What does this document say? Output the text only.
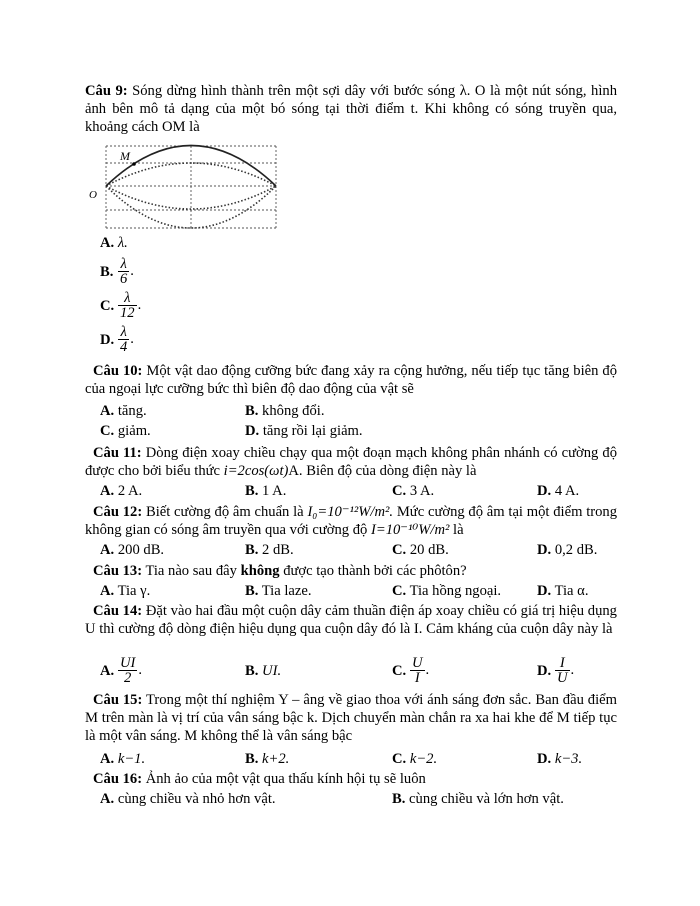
Câu 9: Sóng dừng hình thành trên một sợi dây với bước sóng λ. O là một nút sóng, hình ảnh bên mô tả dạng của một bó sóng tại thời điểm t. Khi không có sóng truyền qua, khoảng cách OM là
M
O
A. λ.
B. $\frac{\lambda}{6}$ .
C. $\frac{\lambda}{12}$ .
D. $\frac{\lambda}{4}$ .
Câu 10: Một vật dao động cưỡng bức đang xảy ra cộng hưởng, nếu tiếp tục tăng biên độ của ngoại lực cưỡng bức thì biên độ dao động của vật sẽ
A. tăng.	B. không đổi.
C. giảm.	D. tăng rồi lại giảm.
Câu 11: Dòng điện xoay chiều chạy qua một đoạn mạch không phân nhánh có cường độ được cho bởi biểu thức i=2cos(ωt)A. Biên độ của dòng điện này là
A. 2 A.	B. 1 A.	C. 3 A.	D. 4 A.
Câu 12: Biết cường độ âm chuẩn là I₀=10⁻¹²W/m². Mức cường độ âm tại một điểm trong không gian có sóng âm truyền qua với cường độ I=10⁻¹⁰W/m² là
A. 200 dB.	B. 2 dB.	C. 20 dB.	D. 0,2 dB.
Câu 13: Tia nào sau đây không được tạo thành bởi các phôtôn?
A. Tia γ.	B. Tia laze.	C. Tia hồng ngoại. D. Tia α.
Câu 14: Đặt vào hai đầu một cuộn dây cảm thuần điện áp xoay chiều có giá trị hiệu dụng U thì cường độ dòng điện hiệu dụng qua cuộn dây đó là I. Cảm kháng của cuộn dây này là
A. $\frac{UI}{2}$ .	B. UI.	C. $\frac{U}{I}$ .	D. $\frac{I}{U}$ .
Câu 15: Trong một thí nghiệm Y – âng về giao thoa với ánh sáng đơn sắc. Ban đầu điểm M trên màn là vị trí của vân sáng bậc k. Dịch chuyển màn chắn ra xa hai khe để M tiếp tục là một vân sáng. M không thể là vân sáng bậc
A. k−1.	B. k+2.	C. k−2.	D. k−3.
Câu 16: Ảnh ảo của một vật qua thấu kính hội tụ sẽ luôn
A. cùng chiều và nhỏ hơn vật.	B. cùng chiều và lớn hơn vật.
